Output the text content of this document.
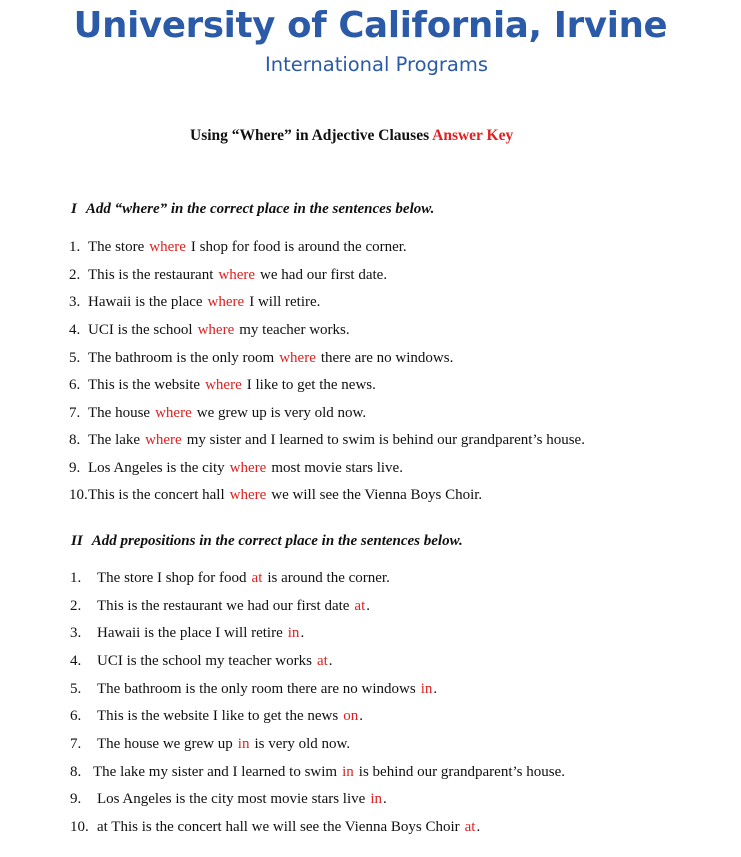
University of California, Irvine
International Programs
Using “Where” in Adjective Clauses Answer Key
I Add “where” in the correct place in the sentences below.
1. The store where I shop for food is around the corner.
2. This is the restaurant where we had our first date.
3. Hawaii is the place where I will retire.
4. UCI is the school where my teacher works.
5. The bathroom is the only room where there are no windows.
6. This is the website where I like to get the news.
7. The house where we grew up is very old now.
8. The lake where my sister and I learned to swim is behind our grandparent’s house.
9. Los Angeles is the city where most movie stars live.
10.This is the concert hall where we will see the Vienna Boys Choir.
II Add prepositions in the correct place in the sentences below.
1. The store I shop for food at is around the corner.
2. This is the restaurant we had our first date at.
3. Hawaii is the place I will retire in.
4. UCI is the school my teacher works at.
5. The bathroom is the only room there are no windows in.
6. This is the website I like to get the news on.
7. The house we grew up in is very old now.
8. The lake my sister and I learned to swim in is behind our grandparent’s house.
9. Los Angeles is the city most movie stars live in.
10. at This is the concert hall we will see the Vienna Boys Choir at.
